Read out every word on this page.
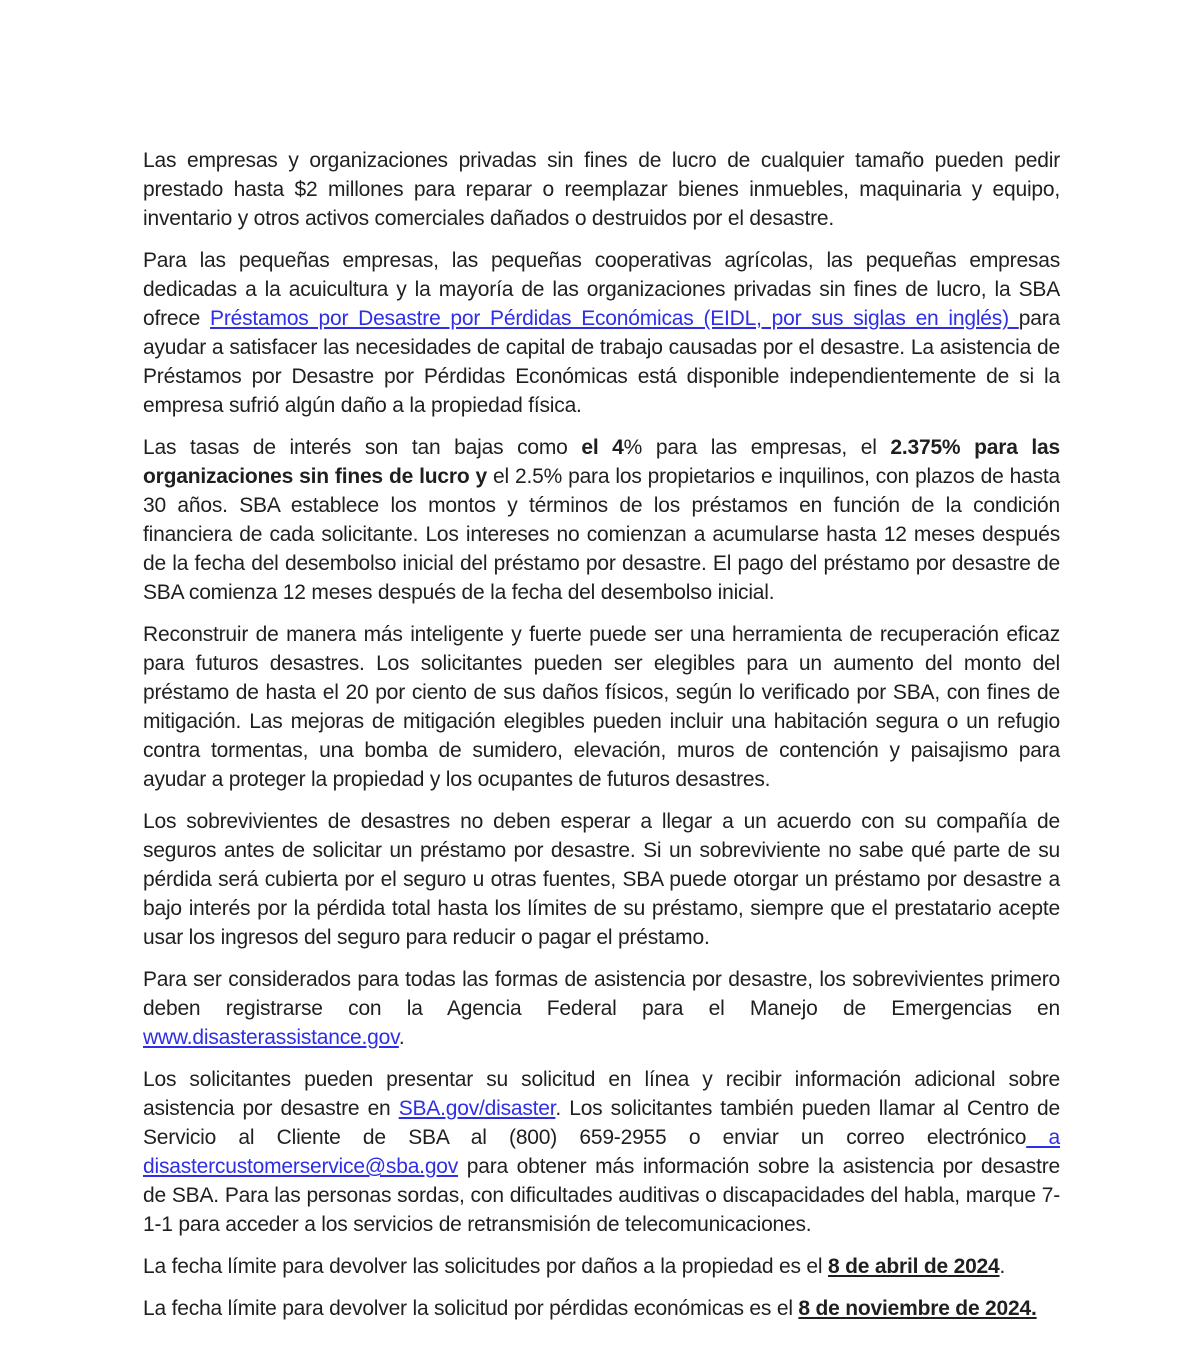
Las empresas y organizaciones privadas sin fines de lucro de cualquier tamaño pueden pedir prestado hasta $2 millones para reparar o reemplazar bienes inmuebles, maquinaria y equipo, inventario y otros activos comerciales dañados o destruidos por el desastre.

Para las pequeñas empresas, las pequeñas cooperativas agrícolas, las pequeñas empresas dedicadas a la acuicultura y la mayoría de las organizaciones privadas sin fines de lucro, la SBA ofrece Préstamos por Desastre por Pérdidas Económicas (EIDL, por sus siglas en inglés) para ayudar a satisfacer las necesidades de capital de trabajo causadas por el desastre. La asistencia de Préstamos por Desastre por Pérdidas Económicas está disponible independientemente de si la empresa sufrió algún daño a la propiedad física.

Las tasas de interés son tan bajas como el 4% para las empresas, el 2.375% para las organizaciones sin fines de lucro y el 2.5% para los propietarios e inquilinos, con plazos de hasta 30 años. SBA establece los montos y términos de los préstamos en función de la condición financiera de cada solicitante. Los intereses no comienzan a acumularse hasta 12 meses después de la fecha del desembolso inicial del préstamo por desastre. El pago del préstamo por desastre de SBA comienza 12 meses después de la fecha del desembolso inicial.

Reconstruir de manera más inteligente y fuerte puede ser una herramienta de recuperación eficaz para futuros desastres. Los solicitantes pueden ser elegibles para un aumento del monto del préstamo de hasta el 20 por ciento de sus daños físicos, según lo verificado por SBA, con fines de mitigación. Las mejoras de mitigación elegibles pueden incluir una habitación segura o un refugio contra tormentas, una bomba de sumidero, elevación, muros de contención y paisajismo para ayudar a proteger la propiedad y los ocupantes de futuros desastres.

Los sobrevivientes de desastres no deben esperar a llegar a un acuerdo con su compañía de seguros antes de solicitar un préstamo por desastre. Si un sobreviviente no sabe qué parte de su pérdida será cubierta por el seguro u otras fuentes, SBA puede otorgar un préstamo por desastre a bajo interés por la pérdida total hasta los límites de su préstamo, siempre que el prestatario acepte usar los ingresos del seguro para reducir o pagar el préstamo.

Para ser considerados para todas las formas de asistencia por desastre, los sobrevivientes primero deben registrarse con la Agencia Federal para el Manejo de Emergencias en www.disasterassistance.gov.

Los solicitantes pueden presentar su solicitud en línea y recibir información adicional sobre asistencia por desastre en SBA.gov/disaster. Los solicitantes también pueden llamar al Centro de Servicio al Cliente de SBA al (800) 659-2955 o enviar un correo electrónico a disastercustomerservice@sba.gov para obtener más información sobre la asistencia por desastre de SBA. Para las personas sordas, con dificultades auditivas o discapacidades del habla, marque 7-1-1 para acceder a los servicios de retransmisión de telecomunicaciones.

La fecha límite para devolver las solicitudes por daños a la propiedad es el 8 de abril de 2024.

La fecha límite para devolver la solicitud por pérdidas económicas es el 8 de noviembre de 2024.
